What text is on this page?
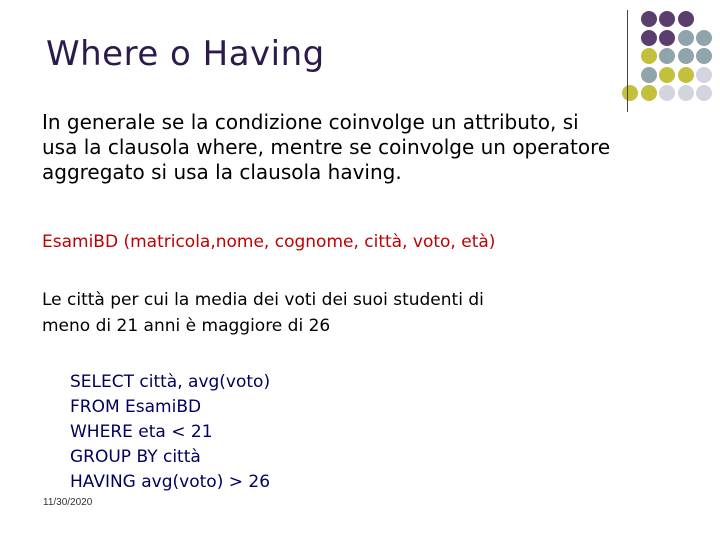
Where o Having
In generale se la condizione coinvolge un attributo, si
usa la clausola where, mentre se coinvolge un operatore
aggregato si usa la clausola having.
EsamiBD (matricola,nome, cognome, città, voto, età)
Le città per cui la media dei voti dei suoi studenti di
meno di 21 anni è maggiore di 26
SELECT città, avg(voto)
FROM EsamiBD
WHERE eta < 21
GROUP BY città
HAVING avg(voto) > 26
11/30/2020
